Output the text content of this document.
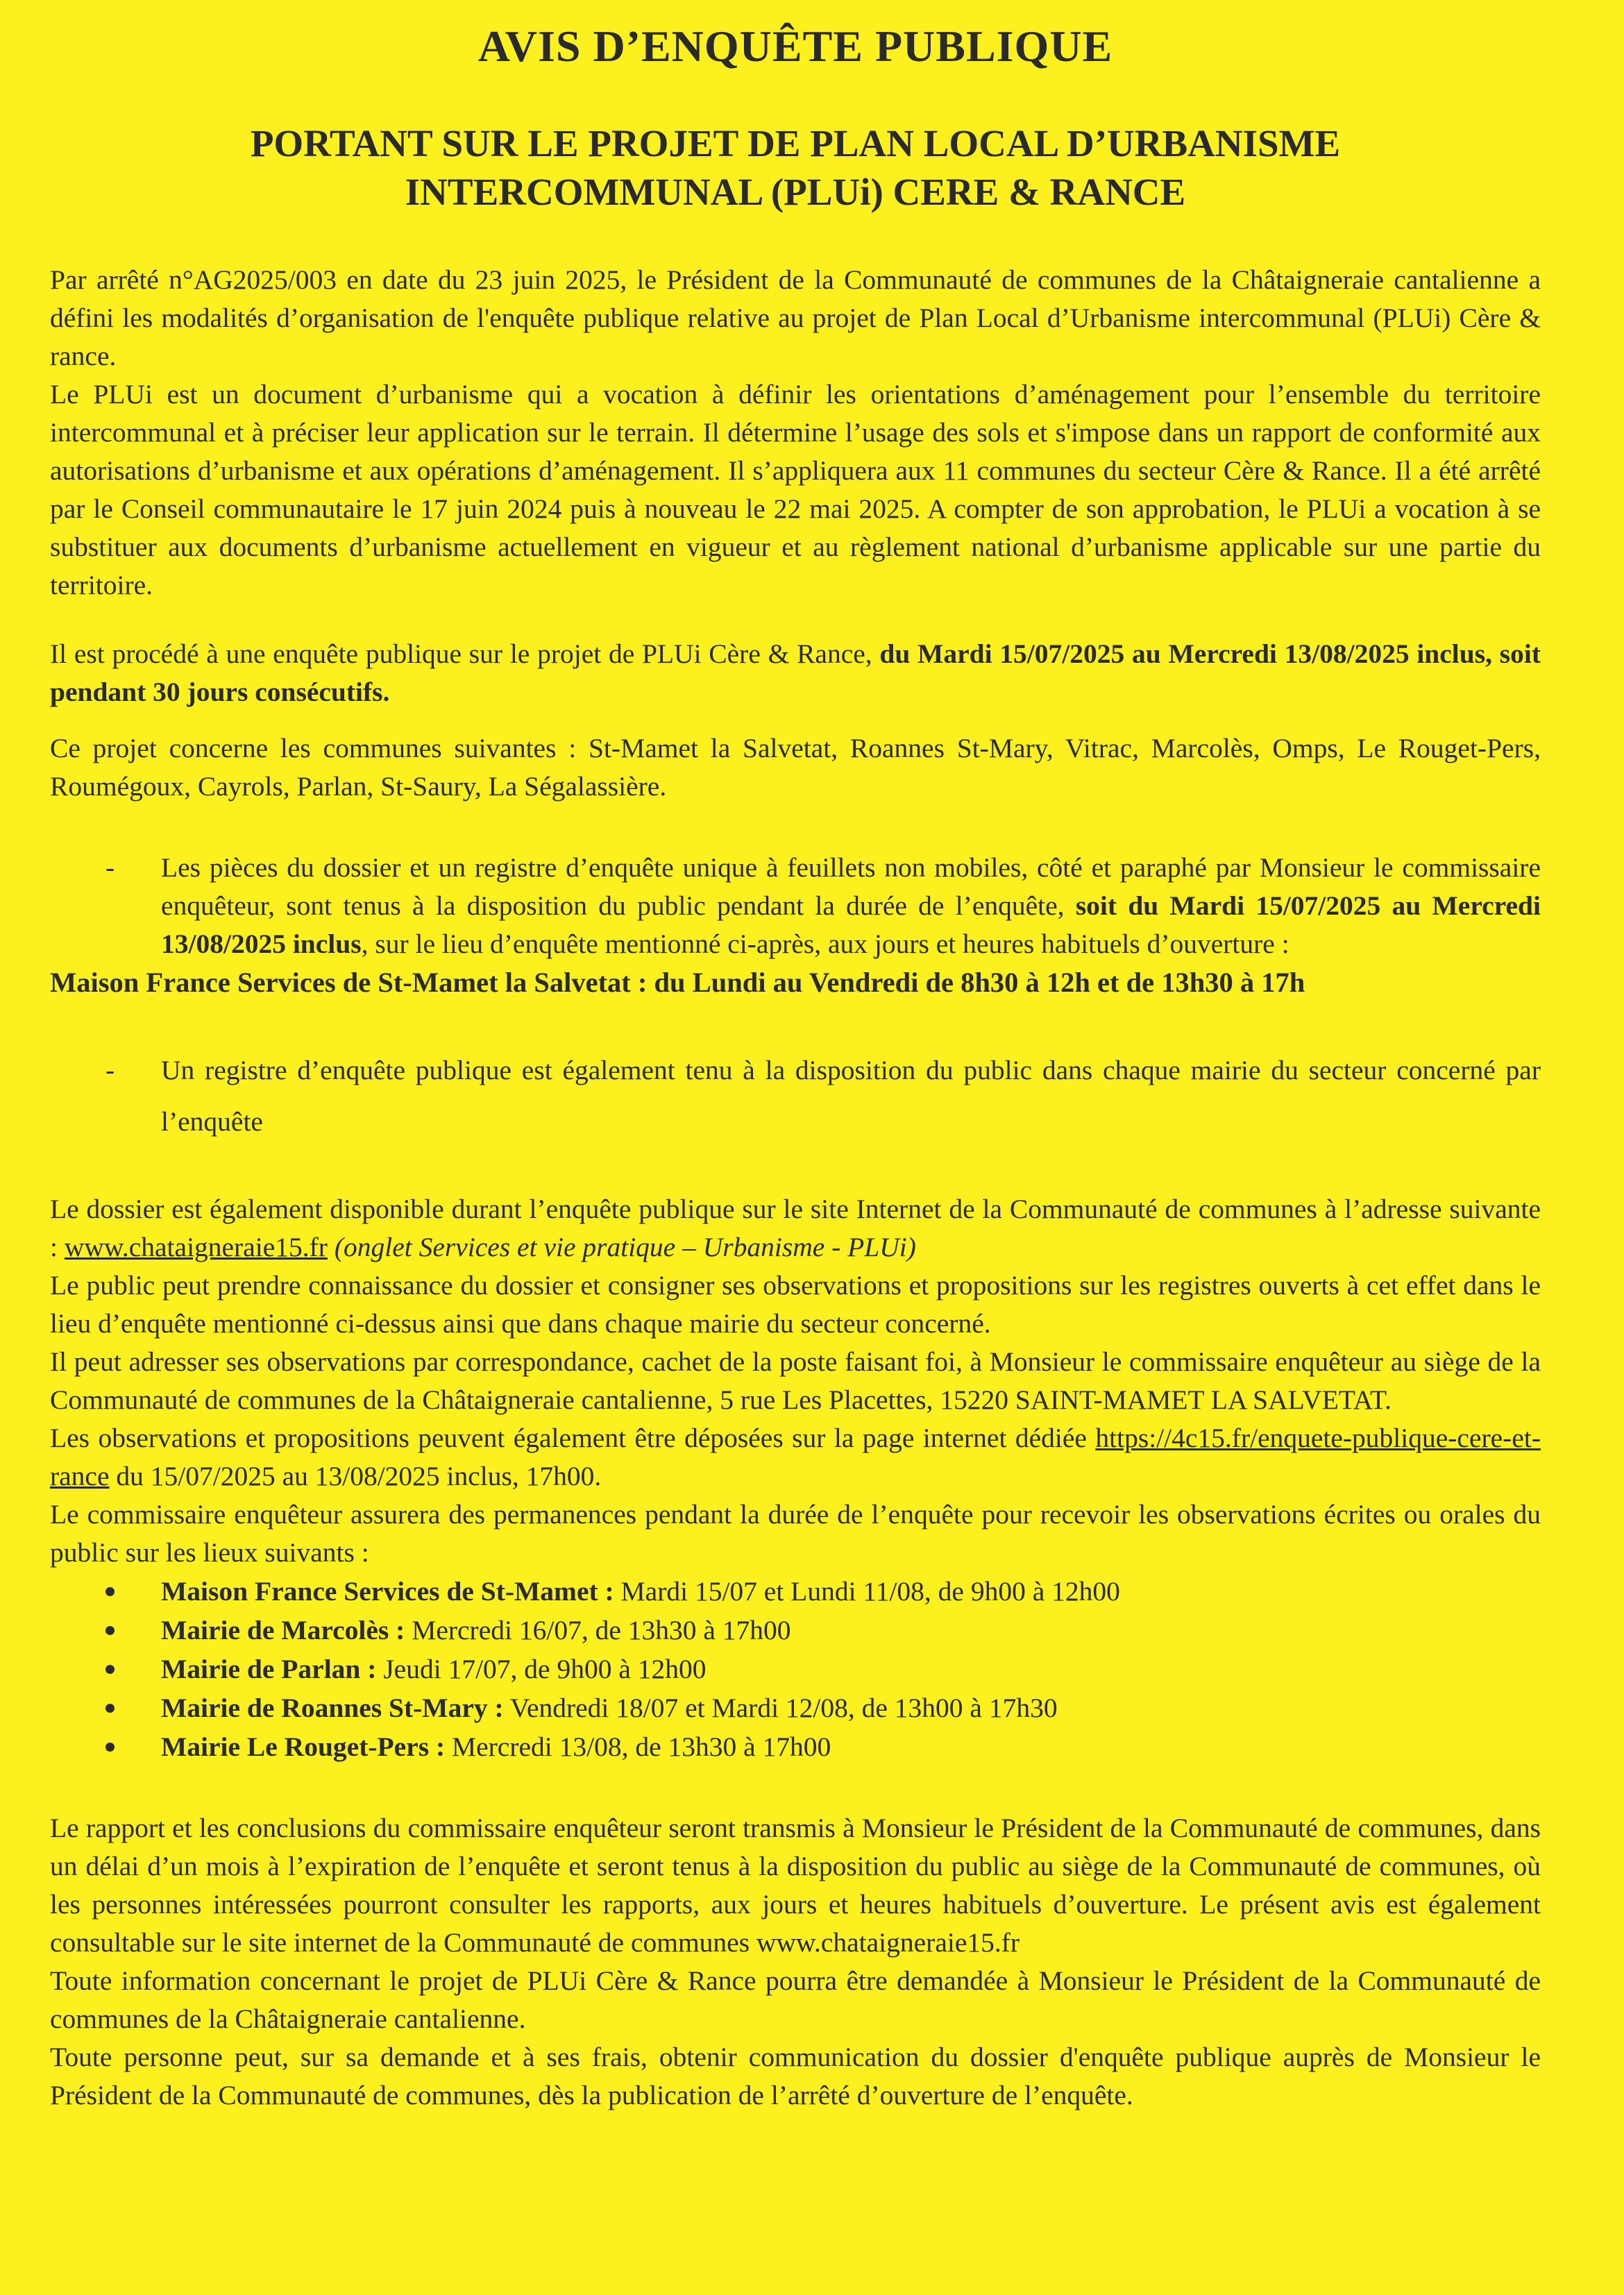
AVIS D’ENQUÊTE PUBLIQUE
PORTANT SUR LE PROJET DE PLAN LOCAL D’URBANISME
INTERCOMMUNAL (PLUi) CERE & RANCE

Par arrêté n°AG2025/003 en date du 23 juin 2025, le Président de la Communauté de communes de la Châtaigneraie cantalienne a défini les modalités d’organisation de l'enquête publique relative au projet de Plan Local d’Urbanisme intercommunal (PLUi) Cère & rance.

Le PLUi est un document d’urbanisme qui a vocation à définir les orientations d’aménagement pour l’ensemble du territoire intercommunal et à préciser leur application sur le terrain. Il détermine l’usage des sols et s'impose dans un rapport de conformité aux autorisations d’urbanisme et aux opérations d’aménagement. Il s’appliquera aux 11 communes du secteur Cère & Rance. Il a été arrêté par le Conseil communautaire le 17 juin 2024 puis à nouveau le 22 mai 2025. A compter de son approbation, le PLUi a vocation à se substituer aux documents d’urbanisme actuellement en vigueur et au règlement national d’urbanisme applicable sur une partie du territoire.

Il est procédé à une enquête publique sur le projet de PLUi Cère & Rance, du Mardi 15/07/2025 au Mercredi 13/08/2025 inclus, soit pendant 30 jours consécutifs.

Ce projet concerne les communes suivantes : St-Mamet la Salvetat, Roannes St-Mary, Vitrac, Marcolès, Omps, Le Rouget-Pers, Roumégoux, Cayrols, Parlan, St-Saury, La Ségalassière.

- Les pièces du dossier et un registre d’enquête unique à feuillets non mobiles, côté et paraphé par Monsieur le commissaire enquêteur, sont tenus à la disposition du public pendant la durée de l’enquête, soit du Mardi 15/07/2025 au Mercredi 13/08/2025 inclus, sur le lieu d’enquête mentionné ci-après, aux jours et heures habituels d’ouverture :

Maison France Services de St-Mamet la Salvetat : du Lundi au Vendredi de 8h30 à 12h et de 13h30 à 17h

- Un registre d’enquête publique est également tenu à la disposition du public dans chaque mairie du secteur concerné par l’enquête

Le dossier est également disponible durant l’enquête publique sur le site Internet de la Communauté de communes à l’adresse suivante : www.chataigneraie15.fr (onglet Services et vie pratique – Urbanisme - PLUi)

Le public peut prendre connaissance du dossier et consigner ses observations et propositions sur les registres ouverts à cet effet dans le lieu d’enquête mentionné ci-dessus ainsi que dans chaque mairie du secteur concerné.

Il peut adresser ses observations par correspondance, cachet de la poste faisant foi, à Monsieur le commissaire enquêteur au siège de la Communauté de communes de la Châtaigneraie cantalienne, 5 rue Les Placettes, 15220 SAINT-MAMET LA SALVETAT.

Les observations et propositions peuvent également être déposées sur la page internet dédiée https://4c15.fr/enquete-publique-cere-et-rance du 15/07/2025 au 13/08/2025 inclus, 17h00.

Le commissaire enquêteur assurera des permanences pendant la durée de l’enquête pour recevoir les observations écrites ou orales du public sur les lieux suivants :

Maison France Services de St-Mamet : Mardi 15/07 et Lundi 11/08, de 9h00 à 12h00
Mairie de Marcolès : Mercredi 16/07, de 13h30 à 17h00
Mairie de Parlan : Jeudi 17/07, de 9h00 à 12h00
Mairie de Roannes St-Mary : Vendredi 18/07 et Mardi 12/08, de 13h00 à 17h30
Mairie Le Rouget-Pers : Mercredi 13/08, de 13h30 à 17h00

Le rapport et les conclusions du commissaire enquêteur seront transmis à Monsieur le Président de la Communauté de communes, dans un délai d’un mois à l’expiration de l’enquête et seront tenus à la disposition du public au siège de la Communauté de communes, où les personnes intéressées pourront consulter les rapports, aux jours et heures habituels d’ouverture. Le présent avis est également consultable sur le site internet de la Communauté de communes www.chataigneraie15.fr

Toute information concernant le projet de PLUi Cère & Rance pourra être demandée à Monsieur le Président de la Communauté de communes de la Châtaigneraie cantalienne.

Toute personne peut, sur sa demande et à ses frais, obtenir communication du dossier d'enquête publique auprès de Monsieur le Président de la Communauté de communes, dès la publication de l’arrêté d’ouverture de l’enquête.
